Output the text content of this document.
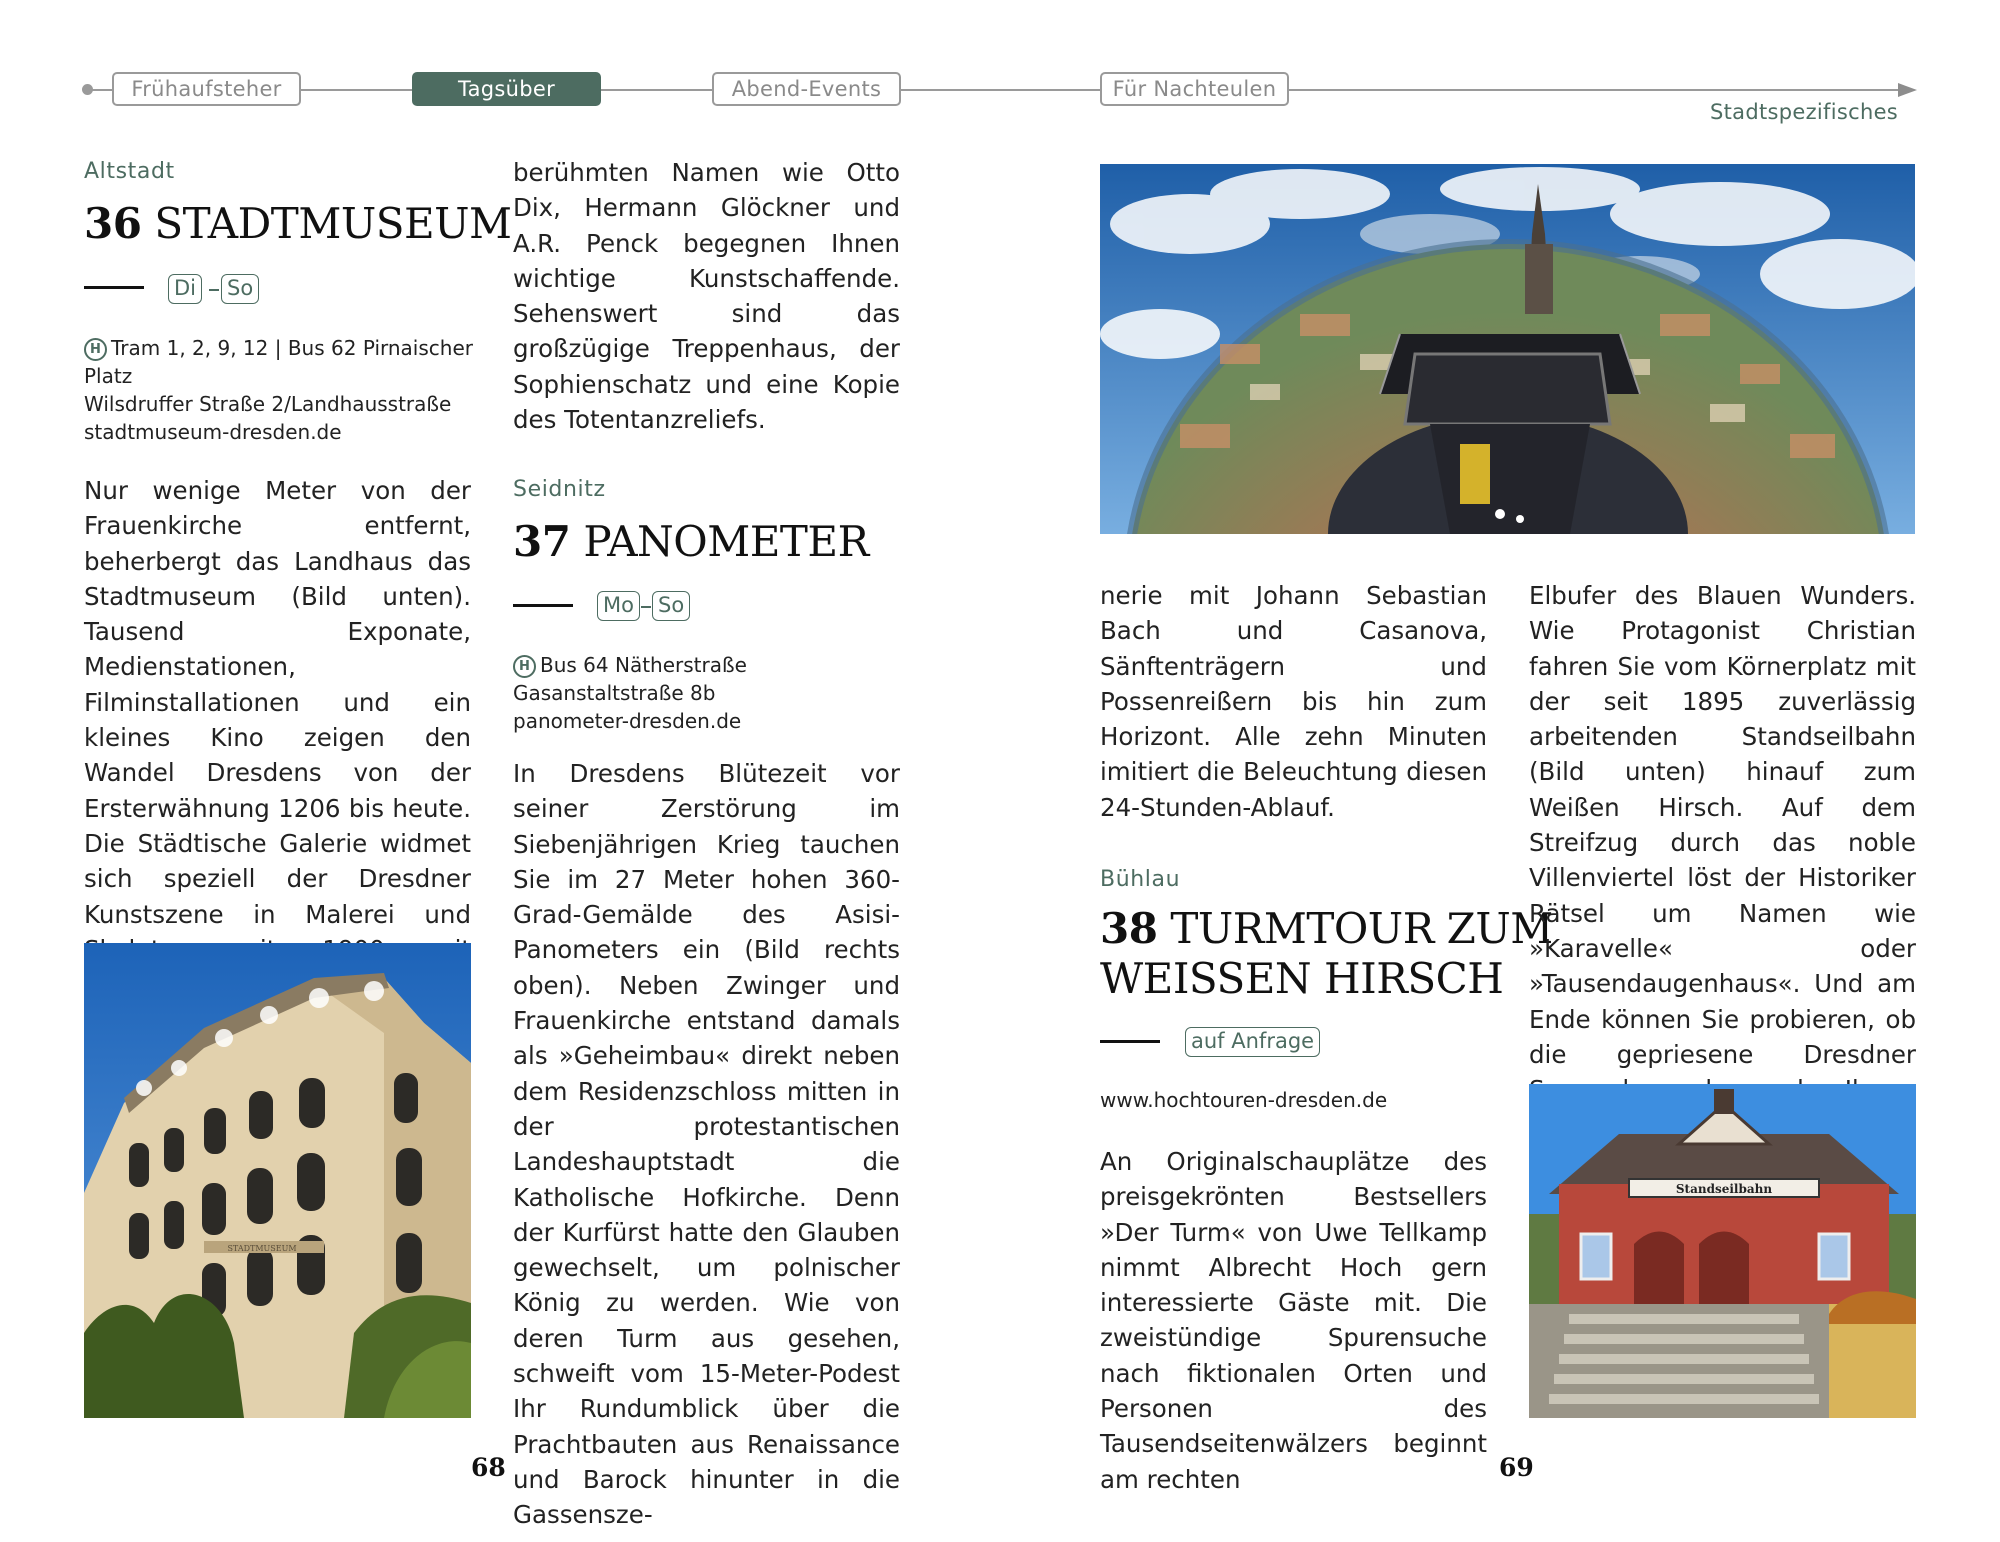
Frühaufsteher	Tagsüber	Abend-Events	Für Nachteulen
Stadtspezifisches
Altstadt
36 STADTMUSEUM
Di So
H Tram 1, 2, 9, 12 | Bus 62 Pirnaischer Platz
Wilsdruffer Straße 2/Landhausstraße
stadtmuseum-dresden.de

Nur wenige Meter von der Frauenkirche entfernt, beherbergt das Landhaus das Stadtmuseum (Bild unten). Tausend Exponate, Medienstationen, Filminstallationen und ein kleines Kino zeigen den Wandel Dresdens von der Ersterwähnung 1206 bis heute. Die Städtische Galerie widmet sich speziell der Dresdner Kunstszene in Malerei und

STADTMUSEUM

berühmten Namen wie Otto Dix, Hermann Glöckner und A.R. Penck begegnen Ihnen wichtige Kunstschaffende. Sehenswert sind das großzügige Treppenhaus, der Sophienschatz und eine Kopie des Totentanzreliefs.

Seidnitz
37 PANOMETER
Mo So
H Bus 64 Nätherstraße
Gasanstaltstraße 8b
panometer-dresden.de

In Dresdens Blütezeit vor seiner Zerstörung im Siebenjährigen Krieg tauchen Sie im 27 Meter hohen 360-Grad-Gemälde des Asisi-Panometers ein (Bild rechts oben). Neben Zwinger und Frauenkirche entstand damals als »Geheimbau« direkt neben dem Residenzschloss mitten in der protestantischen Landeshauptstadt die Katholische Hofkirche. Denn der Kurfürst hatte den Glauben gewechselt, um polnischer König zu werden. Wie von deren Turm aus gesehen, schweift vom 15-Meter-Podest Ihr Rundumblick über die Prachtbauten aus Renaissance und Barock hinunter in die Gassensze-

nerie mit Johann Sebastian Bach und Casanova, Sänftenträgern und Possenreißern bis hin zum Horizont. Alle zehn Minuten imitiert die Beleuchtung diesen 24-Stunden-Ablauf.

Bühlau
38 TURMTOUR ZUM
WEISSEN HIRSCH
auf Anfrage
www.hochtouren-dresden.de

An Originalschauplätze des preisgekrönten Bestsellers »Der Turm« von Uwe Tellkamp nimmt Albrecht Hoch gern interessierte Gäste mit. Die zweistündige Spurensuche nach fiktionalen Orten und Personen des Tausendseitenwälzers beginnt am rechten

Elbufer des Blauen Wunders. Wie Protagonist Christian fahren Sie vom Körnerplatz mit der seit 1895 zuverlässig arbeitenden Standseilbahn (Bild unten) hinauf zum Weißen Hirsch. Auf dem Streifzug durch das noble Villenviertel löst der Historiker Rätsel um Namen wie »Karavelle« oder »Tausendaugenhaus«. Und am Ende können Sie probieren, ob die gepriesene Dresdner

Standseilbahn
68	69
